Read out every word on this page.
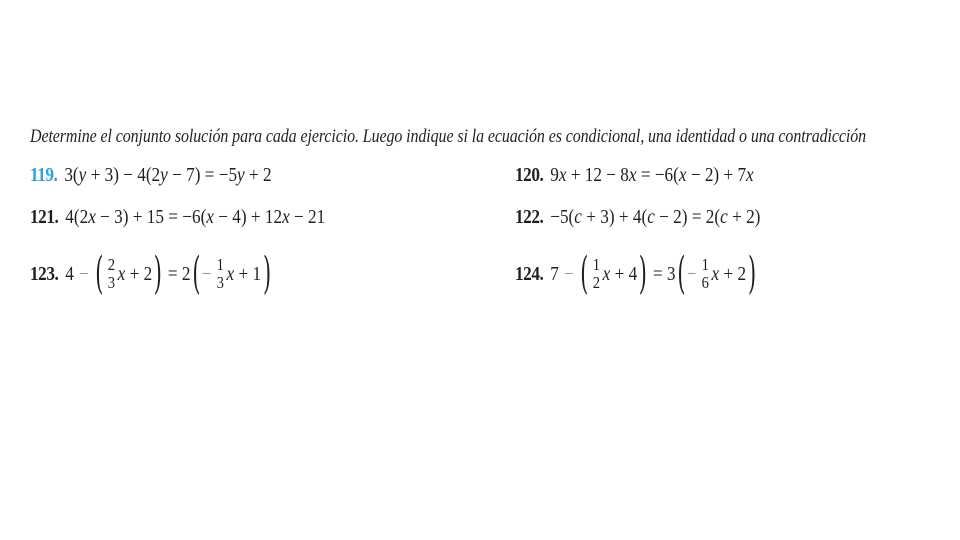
Determine el conjunto solución para cada ejercicio. Luego indique si la ecuación es condicional, una identidad o una contradicción
119. 3( y + 3) − 4(2 y − 7) = −5 y + 2	120. 9 x + 12 − 8 x = −6( x − 2) + 7 x
121. 4(2 x − 3) + 15 = −6( x − 4) + 12 x − 21	122. −5( c + 3) + 4( c − 2) = 2( c + 2)
123. 4 − ( 2
3 x + 2 ) = 2 ( − 1
3 x + 1 )	124. 7 − ( 1
2 x + 4 ) = 3 ( − 1
6 x + 2 )
